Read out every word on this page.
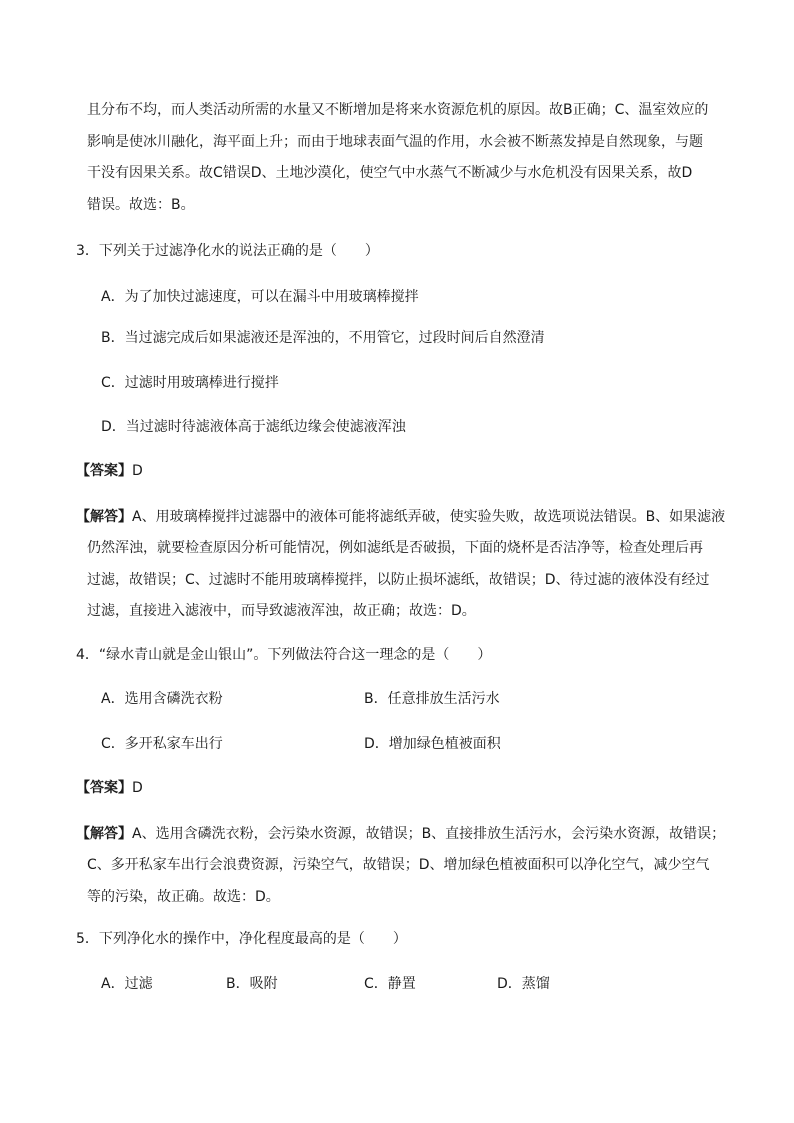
且分布不均，而人类活动所需的水量又不断增加是将来水资源危机的原因。故B正确；C、温室效应的
影响是使冰川融化，海平面上升；而由于地球表面气温的作用，水会被不断蒸发掉是自然现象，与题
干没有因果关系。故C错误D、土地沙漠化，使空气中水蒸气不断减少与水危机没有因果关系，故D
错误。故选：B。
3．下列关于过滤净化水的说法正确的是（　　）
A．为了加快过滤速度，可以在漏斗中用玻璃棒搅拌
B．当过滤完成后如果滤液还是浑浊的，不用管它，过段时间后自然澄清
C．过滤时用玻璃棒进行搅拌
D．当过滤时待滤液体高于滤纸边缘会使滤液浑浊
【答案】D
【解答】A、用玻璃棒搅拌过滤器中的液体可能将滤纸弄破，使实验失败，故选项说法错误。B、如果滤液
仍然浑浊，就要检查原因分析可能情况，例如滤纸是否破损，下面的烧杯是否洁净等，检查处理后再
过滤，故错误；C、过滤时不能用玻璃棒搅拌，以防止损坏滤纸，故错误；D、待过滤的液体没有经过
过滤，直接进入滤液中，而导致滤液浑浊，故正确；故选：D。
4．“绿水青山就是金山银山”。下列做法符合这一理念的是（　　）
A．选用含磷洗衣粉	B．任意排放生活污水
C．多开私家车出行	D．增加绿色植被面积
【答案】D
【解答】A、选用含磷洗衣粉，会污染水资源，故错误；B、直接排放生活污水，会污染水资源，故错误；
C、多开私家车出行会浪费资源，污染空气，故错误；D、增加绿色植被面积可以净化空气，减少空气
等的污染，故正确。故选：D。
5．下列净化水的操作中，净化程度最高的是（　　）
A．过滤	B．吸附	C．静置	D．蒸馏
